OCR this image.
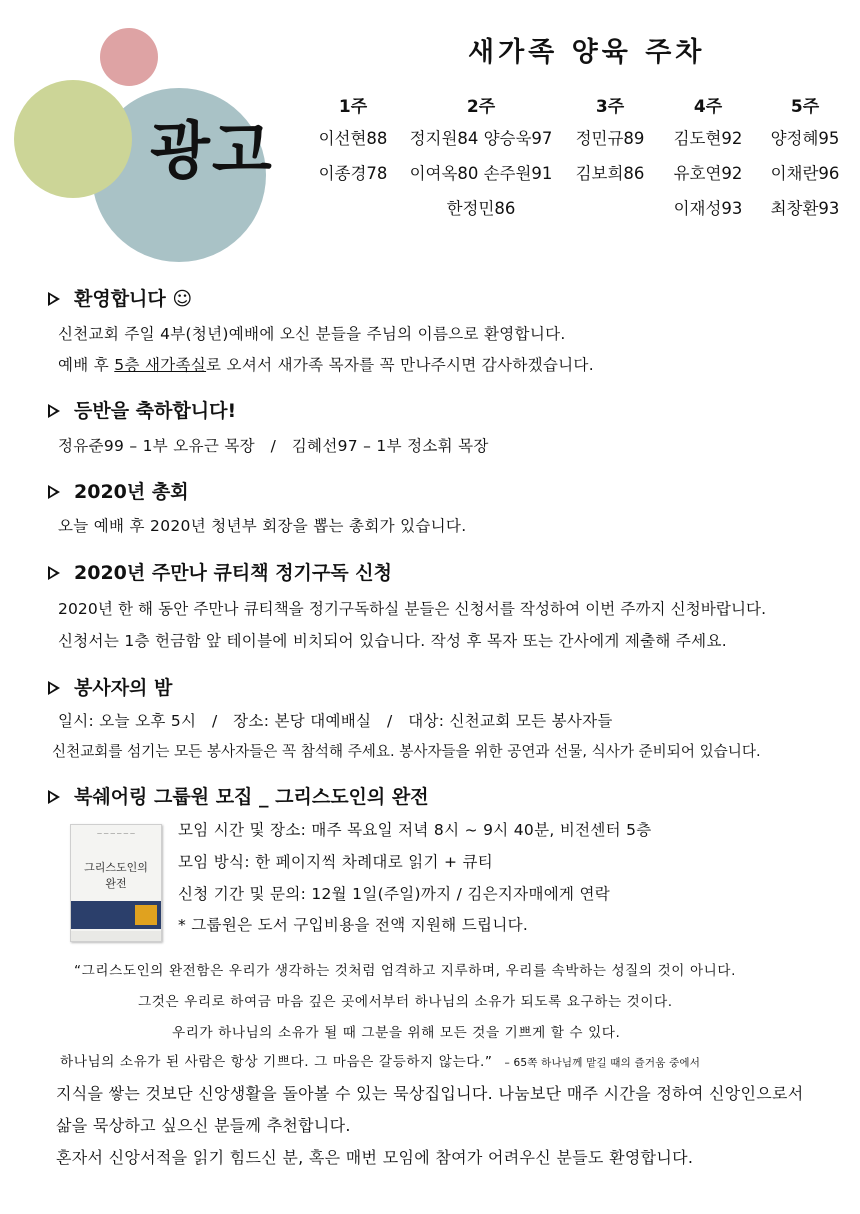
광고
새가족 양육 주차
1주
이선현88
이종경78
2주
정지원84 양승욱97
이여옥80 손주원91
한정민86
3주
정민규89
김보희86
4주
김도현92
유호연92
이재성93
5주
양정혜95
이채란96
최창환93
환영합니다 ☺
신천교회 주일 4부(청년)예배에 오신 분들을 주님의 이름으로 환영합니다.
예배 후 5층 새가족실로 오셔서 새가족 목자를 꼭 만나주시면 감사하겠습니다.
등반을 축하합니다!
정유준99 – 1부 오유근 목장   /   김혜선97 – 1부 정소휘 목장
2020년 총회
오늘 예배 후 2020년 청년부 회장을 뽑는 총회가 있습니다.
2020년 주만나 큐티책 정기구독 신청
2020년 한 해 동안 주만나 큐티책을 정기구독하실 분들은 신청서를 작성하여 이번 주까지 신청바랍니다.
신청서는 1층 헌금함 앞 테이블에 비치되어 있습니다. 작성 후 목자 또는 간사에게 제출해 주세요.
봉사자의 밤
일시: 오늘 오후 5시   /   장소: 본당 대예배실   /   대상: 신천교회 모든 봉사자들
신천교회를 섬기는 모든 봉사자들은 꼭 참석해 주세요. 봉사자들을 위한 공연과 선물, 식사가 준비되어 있습니다.
북쉐어링 그룹원 모집 _ 그리스도인의 완전
— — — — — —
그리스도인의
완전
모임 시간 및 장소: 매주 목요일 저녁 8시 ~ 9시 40분, 비전센터 5층
모임 방식: 한 페이지씩 차례대로 읽기 + 큐티
신청 기간 및 문의: 12월 1일(주일)까지 / 김은지자매에게 연락
* 그룹원은 도서 구입비용을 전액 지원해 드립니다.
“그리스도인의 완전함은 우리가 생각하는 것처럼 엄격하고 지루하며, 우리를 속박하는 성질의 것이 아니다.
그것은 우리로 하여금 마음 깊은 곳에서부터 하나님의 소유가 되도록 요구하는 것이다.
우리가 하나님의 소유가 될 때 그분을 위해 모든 것을 기쁘게 할 수 있다.
하나님의 소유가 된 사람은 항상 기쁘다. 그 마음은 갈등하지 않는다.” – 65쪽 하나님께 맡길 때의 즐거움 중에서
지식을 쌓는 것보단 신앙생활을 돌아볼 수 있는 묵상집입니다. 나눔보단 매주 시간을 정하여 신앙인으로서
삶을 묵상하고 싶으신 분들께 추천합니다.
혼자서 신앙서적을 읽기 힘드신 분, 혹은 매번 모임에 참여가 어려우신 분들도 환영합니다.
